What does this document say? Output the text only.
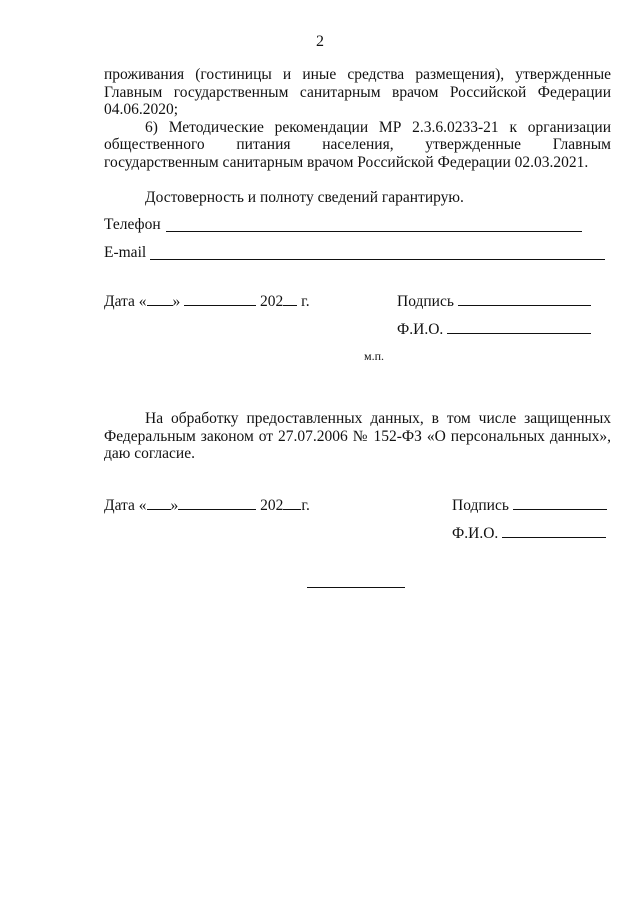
2

проживания (гостиницы и иные средства размещения), утвержденные Главным государственным санитарным врачом Российской Федерации 04.06.2020;

6) Методические рекомендации МР 2.3.6.0233-21 к организации общественного питания населения, утвержденные Главным государственным санитарным врачом Российской Федерации 02.03.2021.

Достоверность и полноту сведений гарантирую.
Телефон
E-mail
Дата « »	202 г.	Подпись
Ф.И.О.
м.п.

На обработку предоставленных данных, в том числе защищенных Федеральным законом от 27.07.2006 № 152-ФЗ «О персональных данных», даю согласие.

Дата « »	202 г.	Подпись
Ф.И.О.
